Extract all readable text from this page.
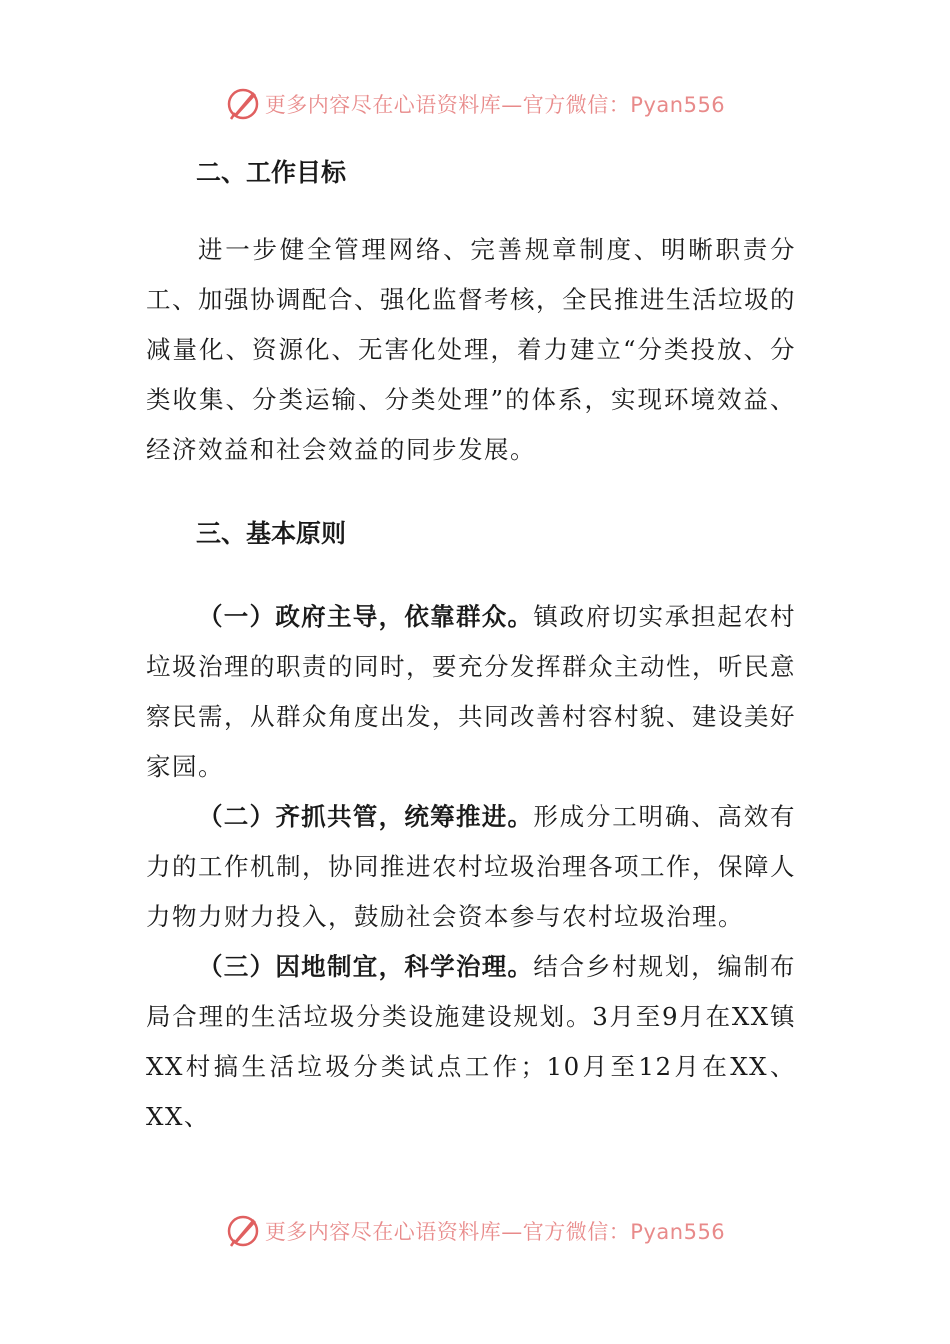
更多内容尽在心语资料库—官方微信：Pyan556
二、工作目标

进一步健全管理网络、完善规章制度、明晰职责分工、加强协调配合、强化监督考核，全民推进生活垃圾的减量化、资源化、无害化处理，着力建立“分类投放、分类收集、分类运输、分类处理”的体系，实现环境效益、经济效益和社会效益的同步发展。

三、基本原则

（一）政府主导，依靠群众。镇政府切实承担起农村垃圾治理的职责的同时，要充分发挥群众主动性，听民意察民需，从群众角度出发，共同改善村容村貌、建设美好家园。

（二）齐抓共管，统筹推进。形成分工明确、高效有力的工作机制，协同推进农村垃圾治理各项工作，保障人力物力财力投入，鼓励社会资本参与农村垃圾治理。

（三）因地制宜，科学治理。结合乡村规划，编制布局合理的生活垃圾分类设施建设规划。3月至9月在XX镇XX村搞生活垃圾分类试点工作；10月至12月在XX、XX、

更多内容尽在心语资料库—官方微信：Pyan556
